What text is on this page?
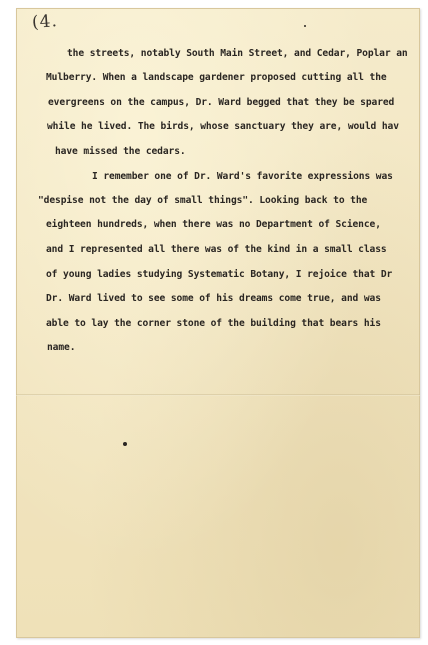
(4.
the streets, notably South Main Street, and Cedar, Poplar an
Mulberry. When a landscape gardener proposed cutting all the
evergreens on the campus, Dr. Ward begged that they be spared
while he lived. The birds, whose sanctuary they are, would hav
have missed the cedars.
I remember one of Dr. Ward's favorite expressions was
"despise not the day of small things". Looking back to the
eighteen hundreds, when there was no Department of Science,
and I represented all there was of the kind in a small class
of young ladies studying Systematic Botany, I rejoice that Dr
Dr. Ward lived to see some of his dreams come true, and was
able to lay the corner stone of the building that bears his
name.
